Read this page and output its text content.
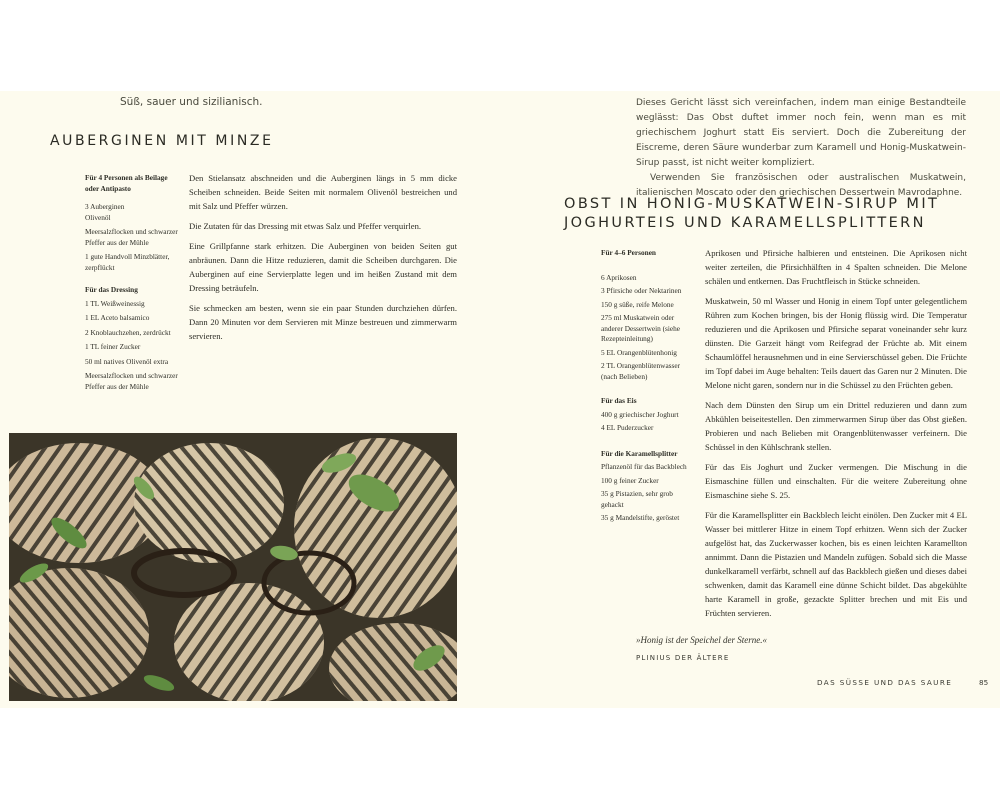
Süß, sauer und sizilianisch.
AUBERGINEN MIT MINZE
Für 4 Personen als Beilage oder Antipasto
3 Auberginen
Olivenöl
Meersalzflocken und schwarzer Pfeffer aus der Mühle
1 gute Handvoll Minzblätter, zerpflückt
Für das Dressing
1 TL Weißweinessig
1 EL Aceto balsamico
2 Knoblauchzehen, zerdrückt
1 TL feiner Zucker
50 ml natives Olivenöl extra
Meersalzflocken und schwarzer Pfeffer aus der Mühle

Den Stielansatz abschneiden und die Auberginen längs in 5 mm dicke Scheiben schneiden. Beide Seiten mit normalem Olivenöl bestreichen und mit Salz und Pfeffer würzen.

Die Zutaten für das Dressing mit etwas Salz und Pfeffer verquirlen.

Eine Grillpfanne stark erhitzen. Die Auberginen von beiden Seiten gut anbräunen. Dann die Hitze reduzieren, damit die Scheiben durchgaren. Die Auberginen auf eine Servierplatte legen und im heißen Zustand mit dem Dressing beträufeln.

Sie schmecken am besten, wenn sie ein paar Stunden durchziehen dürfen. Dann 20 Minuten vor dem Servieren mit Minze bestreuen und zimmerwarm servieren.

Dieses Gericht lässt sich vereinfachen, indem man einige Bestandteile weglässt: Das Obst duftet immer noch fein, wenn man es mit griechischem Joghurt statt Eis serviert. Doch die Zubereitung der Eiscreme, deren Säure wunderbar zum Karamell und Honig-Muskatwein-Sirup passt, ist nicht weiter kompliziert.
Verwenden Sie französischen oder australischen Muskatwein, italienischen Moscato oder den griechischen Dessertwein Mavrodaphne.
OBST IN HONIG-MUSKATWEIN-SIRUP MIT
JOGHURTEIS UND KARAMELLSPLITTERN
Für 4–6 Personen
6 Aprikosen
3 Pfirsiche oder Nektarinen
150 g süße, reife Melone
275 ml Muskatwein oder anderer Dessertwein (siehe Rezepteinleitung)
5 EL Orangenblütenhonig
2 TL Orangenblütenwasser (nach Belieben)
Für das Eis
400 g griechischer Joghurt
4 EL Puderzucker
Für die Karamellsplitter
Pflanzenöl für das Backblech
100 g feiner Zucker
35 g Pistazien, sehr grob gehackt
35 g Mandelstifte, geröstet

Aprikosen und Pfirsiche halbieren und entsteinen. Die Aprikosen nicht weiter zerteilen, die Pfirsichhälften in 4 Spalten schneiden. Die Melone schälen und entkernen. Das Fruchtfleisch in Stücke schneiden.

Muskatwein, 50 ml Wasser und Honig in einem Topf unter gelegentlichem Rühren zum Kochen bringen, bis der Honig flüssig wird. Die Temperatur reduzieren und die Aprikosen und Pfirsiche separat voneinander sehr kurz dünsten. Die Garzeit hängt vom Reifegrad der Früchte ab. Mit einem Schaumlöffel herausnehmen und in eine Servierschüssel geben. Die Früchte im Topf dabei im Auge behalten: Teils dauert das Garen nur 2 Minuten. Die Melone nicht garen, sondern nur in die Schüssel zu den Früchten geben.

Nach dem Dünsten den Sirup um ein Drittel reduzieren und dann zum Abkühlen beiseitestellen. Den zimmerwarmen Sirup über das Obst gießen. Probieren und nach Belieben mit Orangenblütenwasser verfeinern. Die Schüssel in den Kühlschrank stellen.

Für das Eis Joghurt und Zucker vermengen. Die Mischung in die Eismaschine füllen und einschalten. Für die weitere Zubereitung ohne Eismaschine siehe S. 25.

Für die Karamellsplitter ein Backblech leicht einölen. Den Zucker mit 4 EL Wasser bei mittlerer Hitze in einem Topf erhitzen. Wenn sich der Zucker aufgelöst hat, das Zuckerwasser kochen, bis es einen leichten Karamellton annimmt. Dann die Pistazien und Mandeln zufügen. Sobald sich die Masse dunkelkaramell verfärbt, schnell auf das Backblech gießen und dieses dabei schwenken, damit das Karamell eine dünne Schicht bildet. Das abgekühlte harte Karamell in große, gezackte Splitter brechen und mit Eis und Früchten servieren.

»Honig ist der Speichel der Sterne.«
PLINIUS DER ÄLTERE
DAS SÜSSE UND DAS SAURE	85
